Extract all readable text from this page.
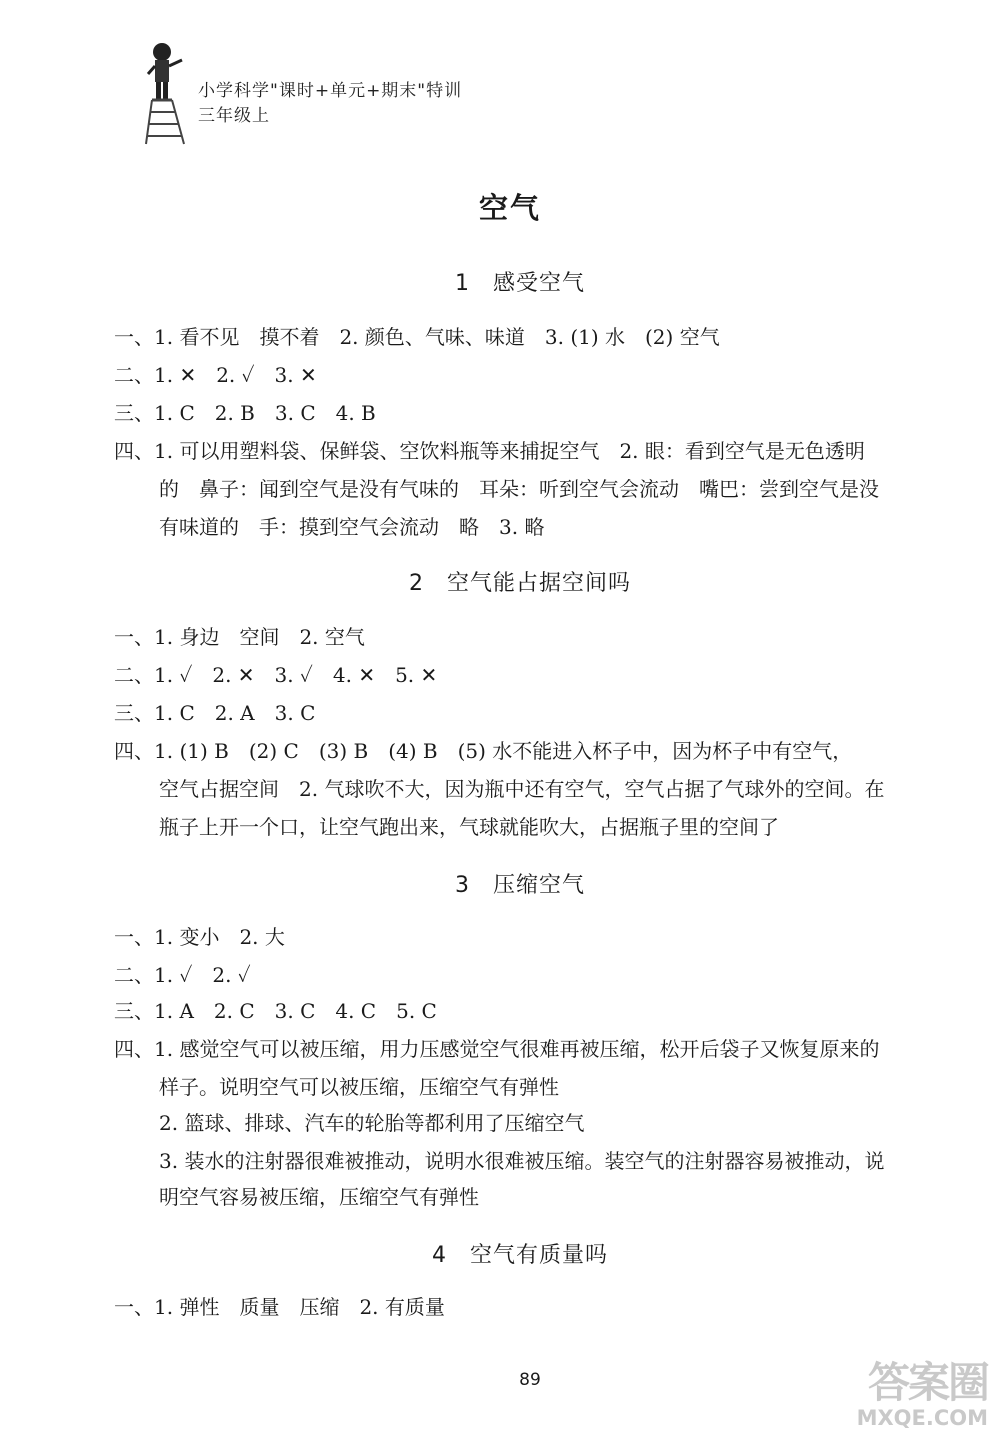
小学科学"课时+单元+期末"特训
三年级上
空气
1　感受空气
一、1. 看不见　摸不着　2. 颜色、气味、味道　3. (1) 水　(2) 空气
二、1. ✕　2. ✓　3. ✕
三、1. C　2. B　3. C　4. B
四、1. 可以用塑料袋、保鲜袋、空饮料瓶等来捕捉空气　2. 眼：看到空气是无色透明
的　鼻子：闻到空气是没有气味的　耳朵：听到空气会流动　嘴巴：尝到空气是没
有味道的　手：摸到空气会流动　略　3. 略
2　空气能占据空间吗
一、1. 身边　空间　2. 空气
二、1. ✓　2. ✕　3. ✓　4. ✕　5. ✕
三、1. C　2. A　3. C
四、1. (1) B　(2) C　(3) B　(4) B　(5) 水不能进入杯子中，因为杯子中有空气，
空气占据空间　2. 气球吹不大，因为瓶中还有空气，空气占据了气球外的空间。在
瓶子上开一个口，让空气跑出来，气球就能吹大，占据瓶子里的空间了
3　压缩空气
一、1. 变小　2. 大
二、1. ✓　2. ✓
三、1. A　2. C　3. C　4. C　5. C
四、1. 感觉空气可以被压缩，用力压感觉空气很难再被压缩，松开后袋子又恢复原来的
样子。说明空气可以被压缩，压缩空气有弹性
2. 篮球、排球、汽车的轮胎等都利用了压缩空气
3. 装水的注射器很难被推动，说明水很难被压缩。装空气的注射器容易被推动，说
明空气容易被压缩，压缩空气有弹性
4　空气有质量吗
一、1. 弹性　质量　压缩　2. 有质量
89	答案圈
MXQE.COM
